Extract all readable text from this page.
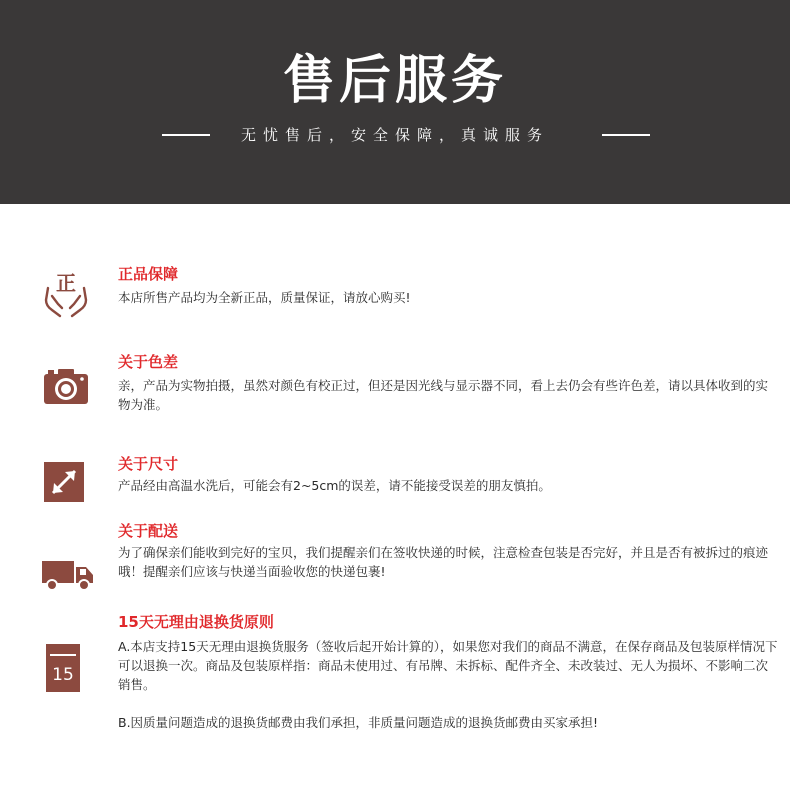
售后服务
无忧售后，安全保障，真诚服务
正	正品保障

本店所售产品均为全新正品，质量保证，请放心购买!

关于色差

亲，产品为实物拍摄，虽然对颜色有校正过，但还是因光线与显示器不同，看上去仍会有些许色差，请以具体收到的实物为准。

关于尺寸

产品经由高温水洗后，可能会有2~5cm的误差，请不能接受误差的朋友慎拍。

关于配送

为了确保亲们能收到完好的宝贝，我们提醒亲们在签收快递的时候，注意检查包装是否完好，并且是否有被拆过的痕迹哦！提醒亲们应该与快递当面验收您的快递包裹!

15
15天无理由退换货原则

A.本店支持15天无理由退换货服务（签收后起开始计算的），如果您对我们的商品不满意，在保存商品及包装原样情况下可以退换一次。商品及包装原样指：商品未使用过、有吊牌、未拆标、配件齐全、未改装过、无人为损坏、不影响二次销售。

B.因质量问题造成的退换货邮费由我们承担，非质量问题造成的退换货邮费由买家承担!
